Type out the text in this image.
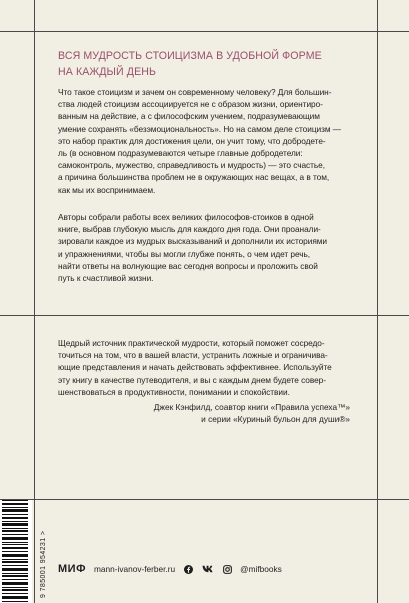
ВСЯ МУДРОСТЬ СТОИЦИЗМА В УДОБНОЙ ФОРМЕ
НА КАЖДЫЙ ДЕНЬ

Что такое стоицизм и зачем он современному человеку? Для большин-

ства людей стоицизм ассоциируется не с образом жизни, ориентиро-

ванным на действие, а с философским учением, подразумевающим

умение сохранять «безэмоциональность». Но на самом деле стоицизм —

это набор практик для достижения цели, он учит тому, что добродете-

ль (в основном подразумеваются четыре главные добродетели:

самоконтроль, мужество, справедливость и мудрость) — это счастье,

а причина большинства проблем не в окружающих нас вещах, а в том,

как мы их воспринимаем.

Авторы собрали работы всех великих философов-стоиков в одной

книге, выбрав глубокую мысль для каждого дня года. Они проанали-

зировали каждое из мудрых высказываний и дополнили их историями

и упражнениями, чтобы вы могли глубже понять, о чем идет речь,

найти ответы на волнующие вас сегодня вопросы и проложить свой

путь к счастливой жизни.

Щедрый источник практической мудрости, который поможет сосредо-

точиться на том, что в вашей власти, устранить ложные и ограничива-

ющие представления и начать действовать эффективнее. Используйте

эту книгу в качестве путеводителя, и вы с каждым днем будете совер-

шенствоваться в продуктивности, понимании и спокойствии.

Джек Кэнфилд, соавтор книги «Правила успеха™»

и серии «Куриный бульон для души®»

9 785001 954231 > МИФ mann-ivanov-ferber.ru	@mifbooks
